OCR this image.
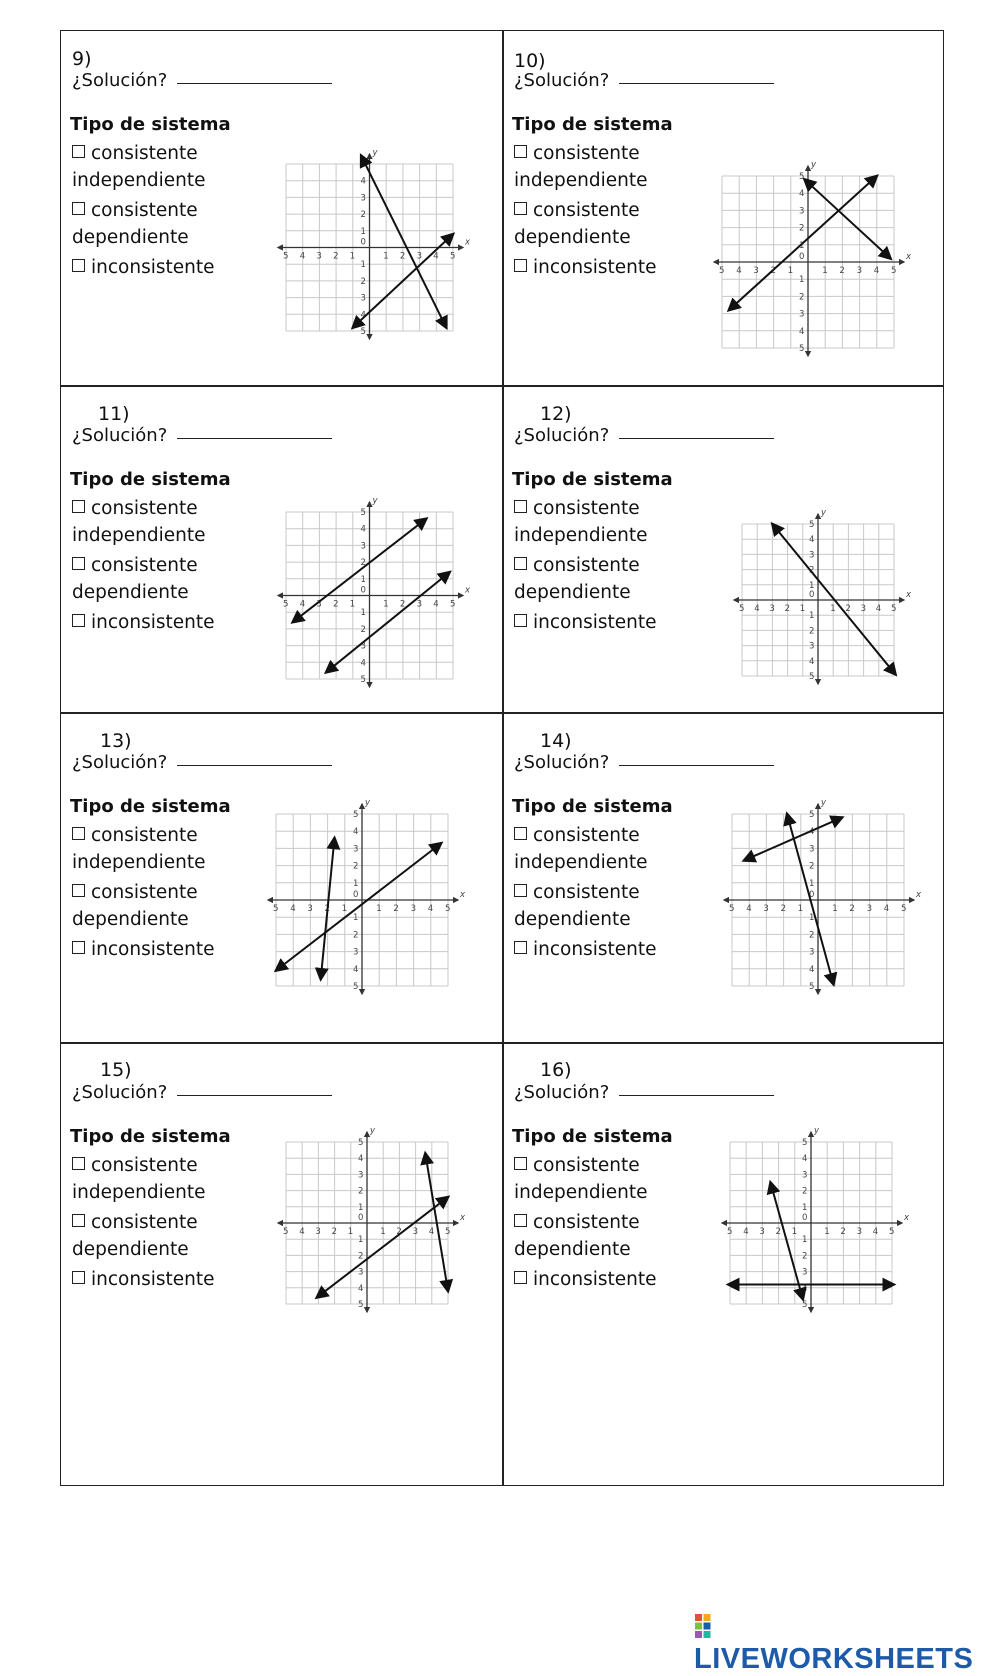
9)
¿Solución?
Tipo de sistema
consistente
independiente
consistente
dependiente
inconsistente
x
y
5
5
4
4
3
3
2
2
1
1
0
1
1
2
2
3
3
4
4
5
5
10)
¿Solución?
Tipo de sistema
consistente
independiente
consistente
dependiente
inconsistente	x
y
5
5
4
4
3
3
2
2
1
1
0
1
1
2
2
3
3
4
4
5
5
11)
¿Solución?
Tipo de sistema
consistente
independiente
consistente
dependiente
inconsistente
x
y
5
5
4
4
3
3
2
2
1
1
0
1
1
2
2
3
3
4
4
5
5
12)
¿Solución?
Tipo de sistema
consistente
independiente
consistente
dependiente
inconsistente
x
y
5
5
4
4
3
3
2
2
1
1
0
1
1
2
2
3
3
4
4
5
5
13)
¿Solución?
Tipo de sistema
consistente
independiente
consistente
dependiente
inconsistente
x
y
5
5
4
4
3
3
2
2
1
1
0
1
1
2
2
3
3
4
4
5
5
14)
¿Solución?
Tipo de sistema
consistente
independiente
consistente
dependiente
inconsistente
x
y
5
5
4
4
3
3
2
2
1
1
0
1
1
2
2
3
3
4
4
5
5
15)
¿Solución?
Tipo de sistema
consistente
independiente
consistente
dependiente
inconsistente
x
y
5
5
4
4
3
3
2
2
1
1
0
1
1
2
2
3
3
4
4
5
5
16)
¿Solución?
Tipo de sistema
consistente
independiente
consistente
dependiente
inconsistente
x
y
5
5
4
4
3
3
2
2
1
1
0
1
1
2
2
3
3
4
4
5
5
LIVEWORKSHEETS
